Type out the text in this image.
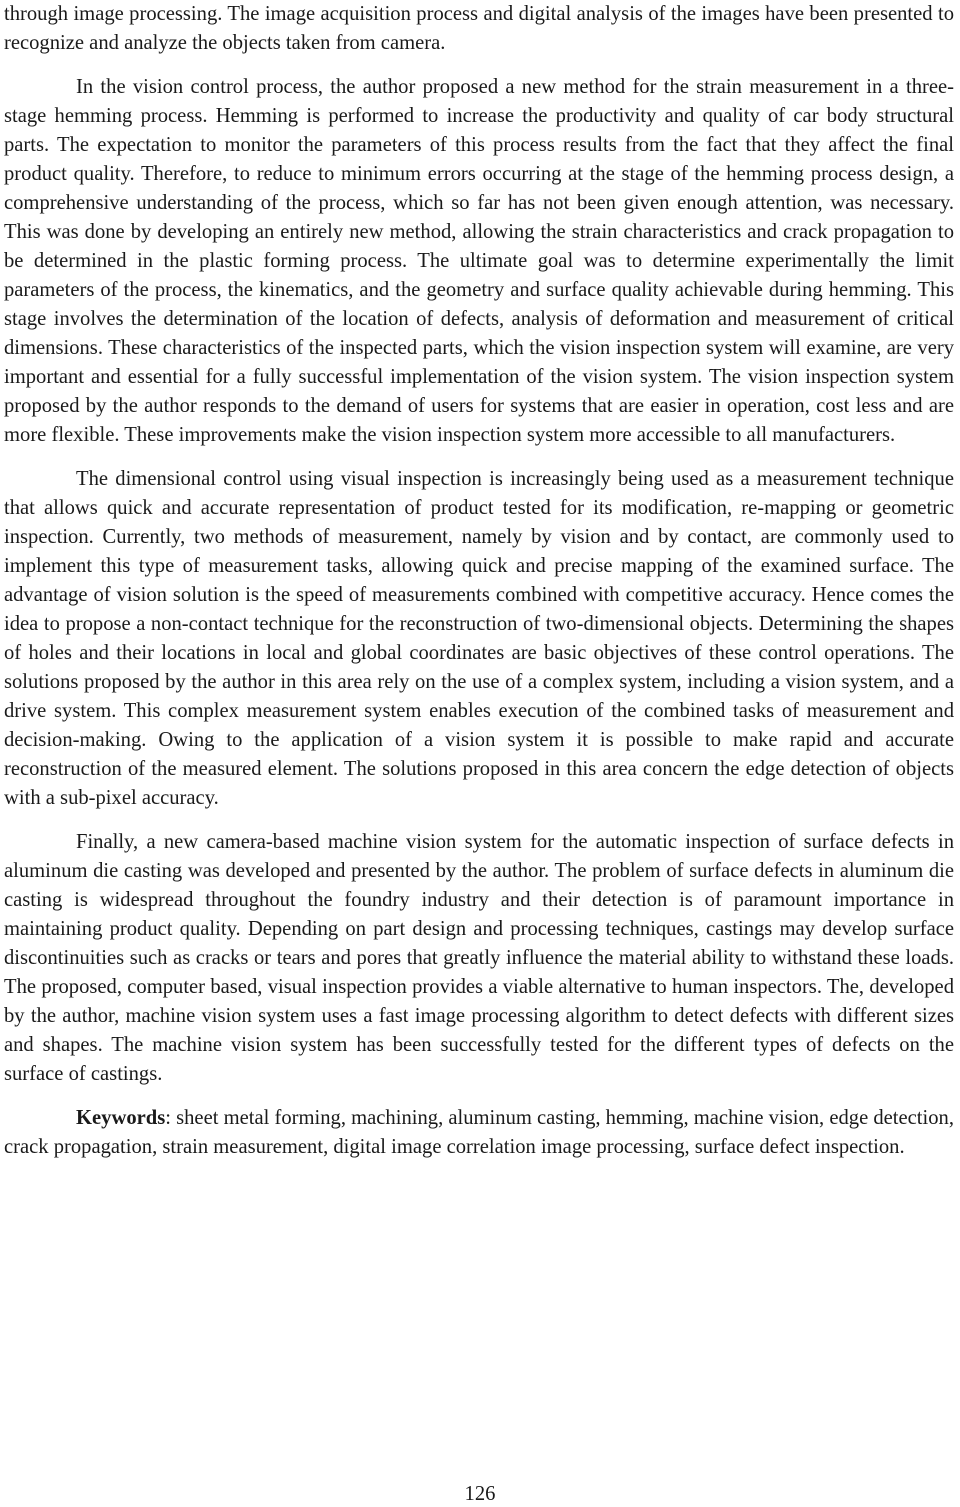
through image processing. The image acquisition process and digital analysis of the images have been presented to recognize and analyze the objects taken from camera.

In the vision control process, the author proposed a new method for the strain measurement in a three-stage hemming process. Hemming is performed to increase the productivity and quality of car body structural parts. The expectation to monitor the parameters of this process results from the fact that they affect the final product quality. Therefore, to reduce to minimum errors occurring at the stage of the hemming process design, a comprehensive understanding of the process, which so far has not been given enough attention, was necessary. This was done by developing an entirely new method, allowing the strain characteristics and crack propagation to be determined in the plastic forming process. The ultimate goal was to determine experimentally the limit parameters of the process, the kinematics, and the geometry and surface quality achievable during hemming. This stage involves the determination of the location of defects, analysis of deformation and measurement of critical dimensions. These characteristics of the inspected parts, which the vision inspection system will examine, are very important and essential for a fully successful implementation of the vision system. The vision inspection system proposed by the author responds to the demand of users for systems that are easier in operation, cost less and are more flexible. These improvements make the vision inspection system more accessible to all manufacturers.

The dimensional control using visual inspection is increasingly being used as a measurement technique that allows quick and accurate representation of product tested for its modification, re-mapping or geometric inspection. Currently, two methods of measurement, namely by vision and by contact, are commonly used to implement this type of measurement tasks, allowing quick and precise mapping of the examined surface. The advantage of vision solution is the speed of measurements combined with competitive accuracy. Hence comes the idea to propose a non-contact technique for the reconstruction of two-dimensional objects. Determining the shapes of holes and their locations in local and global coordinates are basic objectives of these control operations. The solutions proposed by the author in this area rely on the use of a complex system, including a vision system, and a drive system. This complex measurement system enables execution of the combined tasks of measurement and decision-making. Owing to the application of a vision system it is possible to make rapid and accurate reconstruction of the measured element. The solutions proposed in this area concern the edge detection of objects with a sub-pixel accuracy.

Finally, a new camera-based machine vision system for the automatic inspection of surface defects in aluminum die casting was developed and presented by the author. The problem of surface defects in aluminum die casting is widespread throughout the foundry industry and their detection is of paramount importance in maintaining product quality. Depending on part design and processing techniques, castings may develop surface discontinuities such as cracks or tears and pores that greatly influence the material ability to withstand these loads. The proposed, computer based, visual inspection provides a viable alternative to human inspectors. The, developed by the author, machine vision system uses a fast image processing algorithm to detect defects with different sizes and shapes. The machine vision system has been successfully tested for the different types of defects on the surface of castings.

Keywords: sheet metal forming, machining, aluminum casting, hemming, machine vision, edge detection, crack propagation, strain measurement, digital image correlation image processing, surface defect inspection.

126
